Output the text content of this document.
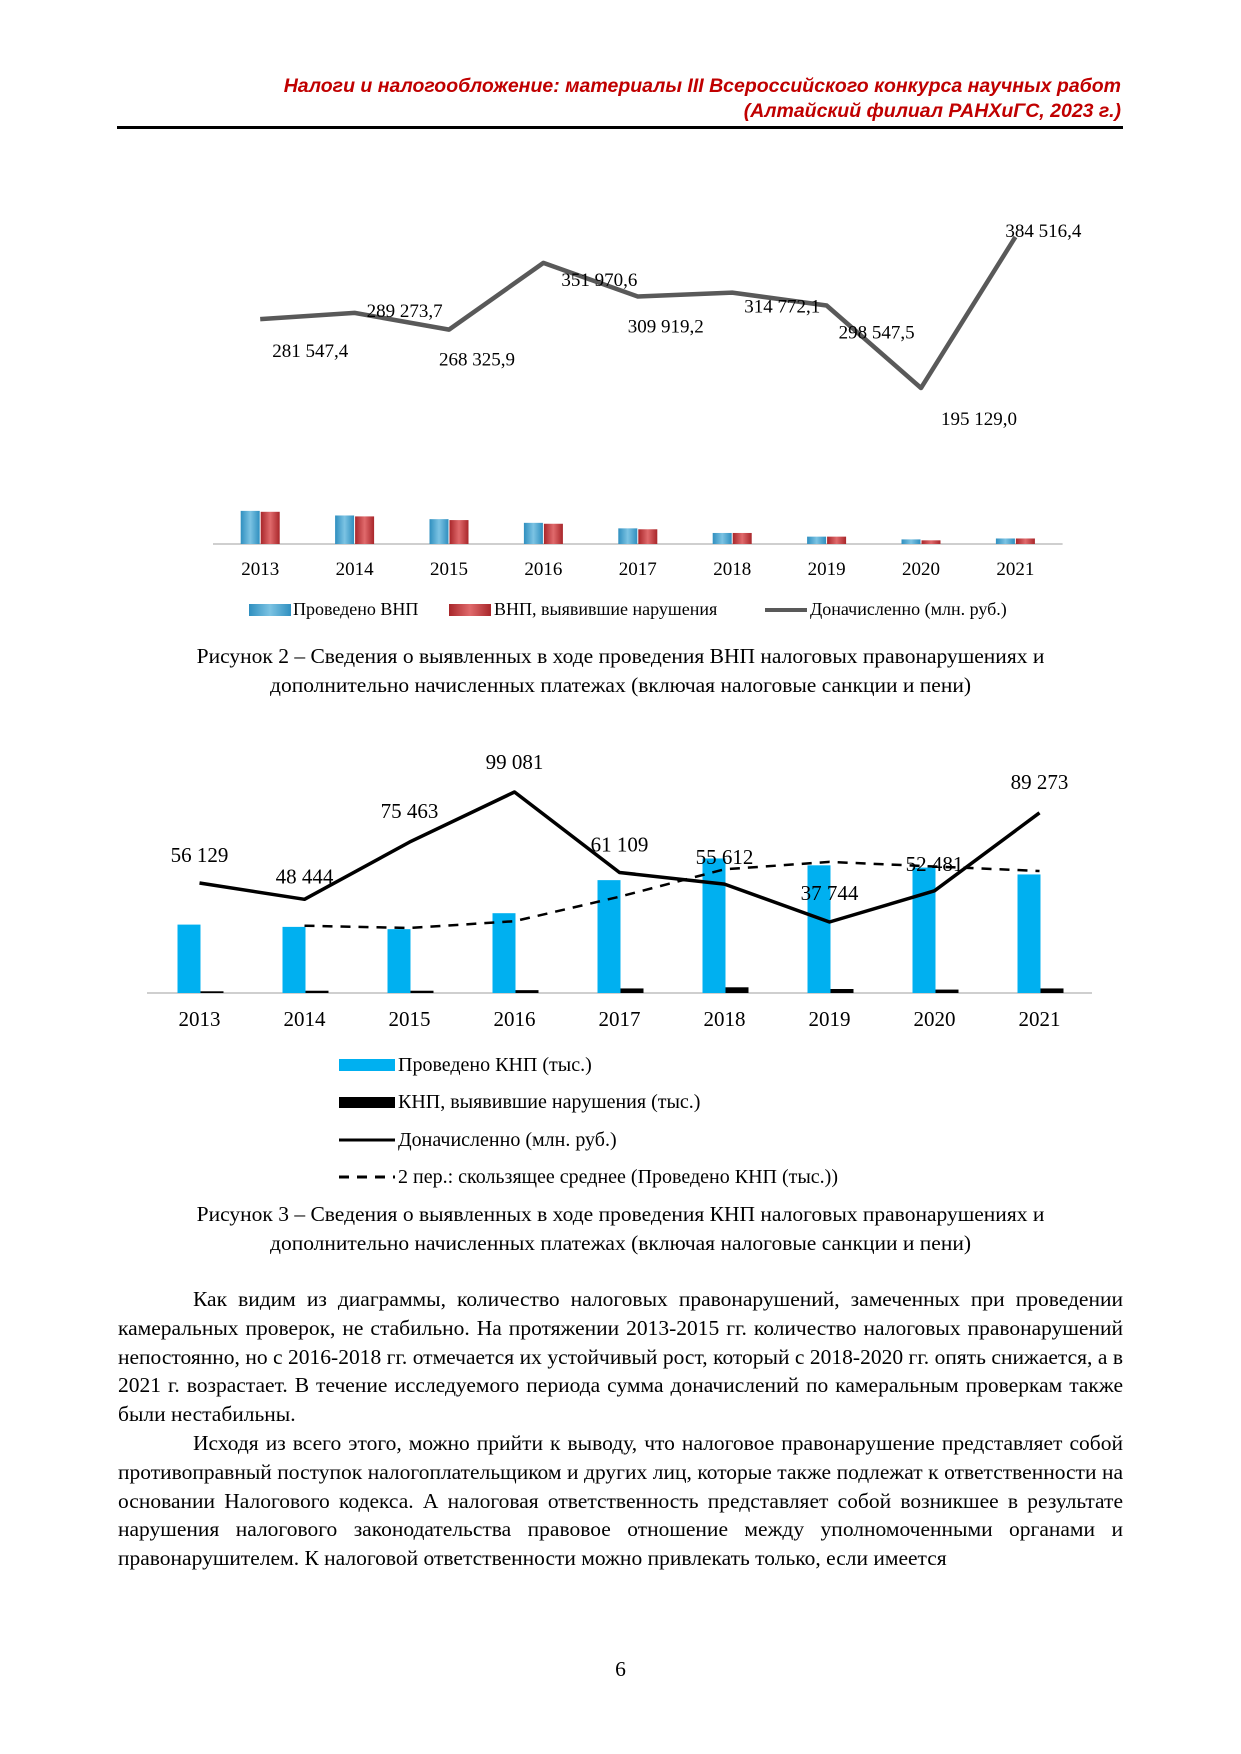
Налоги и налогообложение: материалы III Всероссийского конкурса научных работ
(Алтайский филиал РАНХиГС, 2023 г.)
2013	2014	2015	2016	2017	2018	2019	2020	2021
281 547,4
289 273,7
268 325,9
351 970,6
309 919,2
314 772,1
298 547,5
195 129,0
384 516,4
Проведено ВНП	ВНП, выявившие нарушения	Доначисленно (млн. руб.)
Рисунок 2 – Сведения о выявленных в ходе проведения ВНП налоговых правонарушениях и
дополнительно начисленных платежах (включая налоговые санкции и пени)
2013	2014	2015	2016	2017	2018	2019	2020	2021
56 129
48 444
75 463
99 081
61 109
55 612
37 744
52 481
89 273
Проведено КНП (тыс.)
КНП, выявившие нарушения (тыс.)
Доначисленно (млн. руб.)
2 пер.: скользящее среднее (Проведено КНП (тыс.))
Рисунок 3 – Сведения о выявленных в ходе проведения КНП налоговых правонарушениях и
дополнительно начисленных платежах (включая налоговые санкции и пени)
Как видим из диаграммы, количество налоговых правонарушений, замеченных при проведении камеральных проверок, не стабильно. На протяжении 2013-2015 гг. количество налоговых правонарушений непостоянно, но с 2016-2018 гг. отмечается их устойчивый рост, который с 2018-2020 гг. опять снижается, а в 2021 г. возрастает. В течение исследуемого периода сумма доначислений по камеральным проверкам также были нестабильны.
Исходя из всего этого, можно прийти к выводу, что налоговое правонарушение представляет собой противоправный поступок налогоплательщиком и других лиц, которые также подлежат к ответственности на основании Налогового кодекса. А налоговая ответственность представляет собой возникшее в результате нарушения налогового законодательства правовое отношение между уполномоченными органами и правонарушителем. К налоговой ответственности можно привлекать только, если имеется
6
